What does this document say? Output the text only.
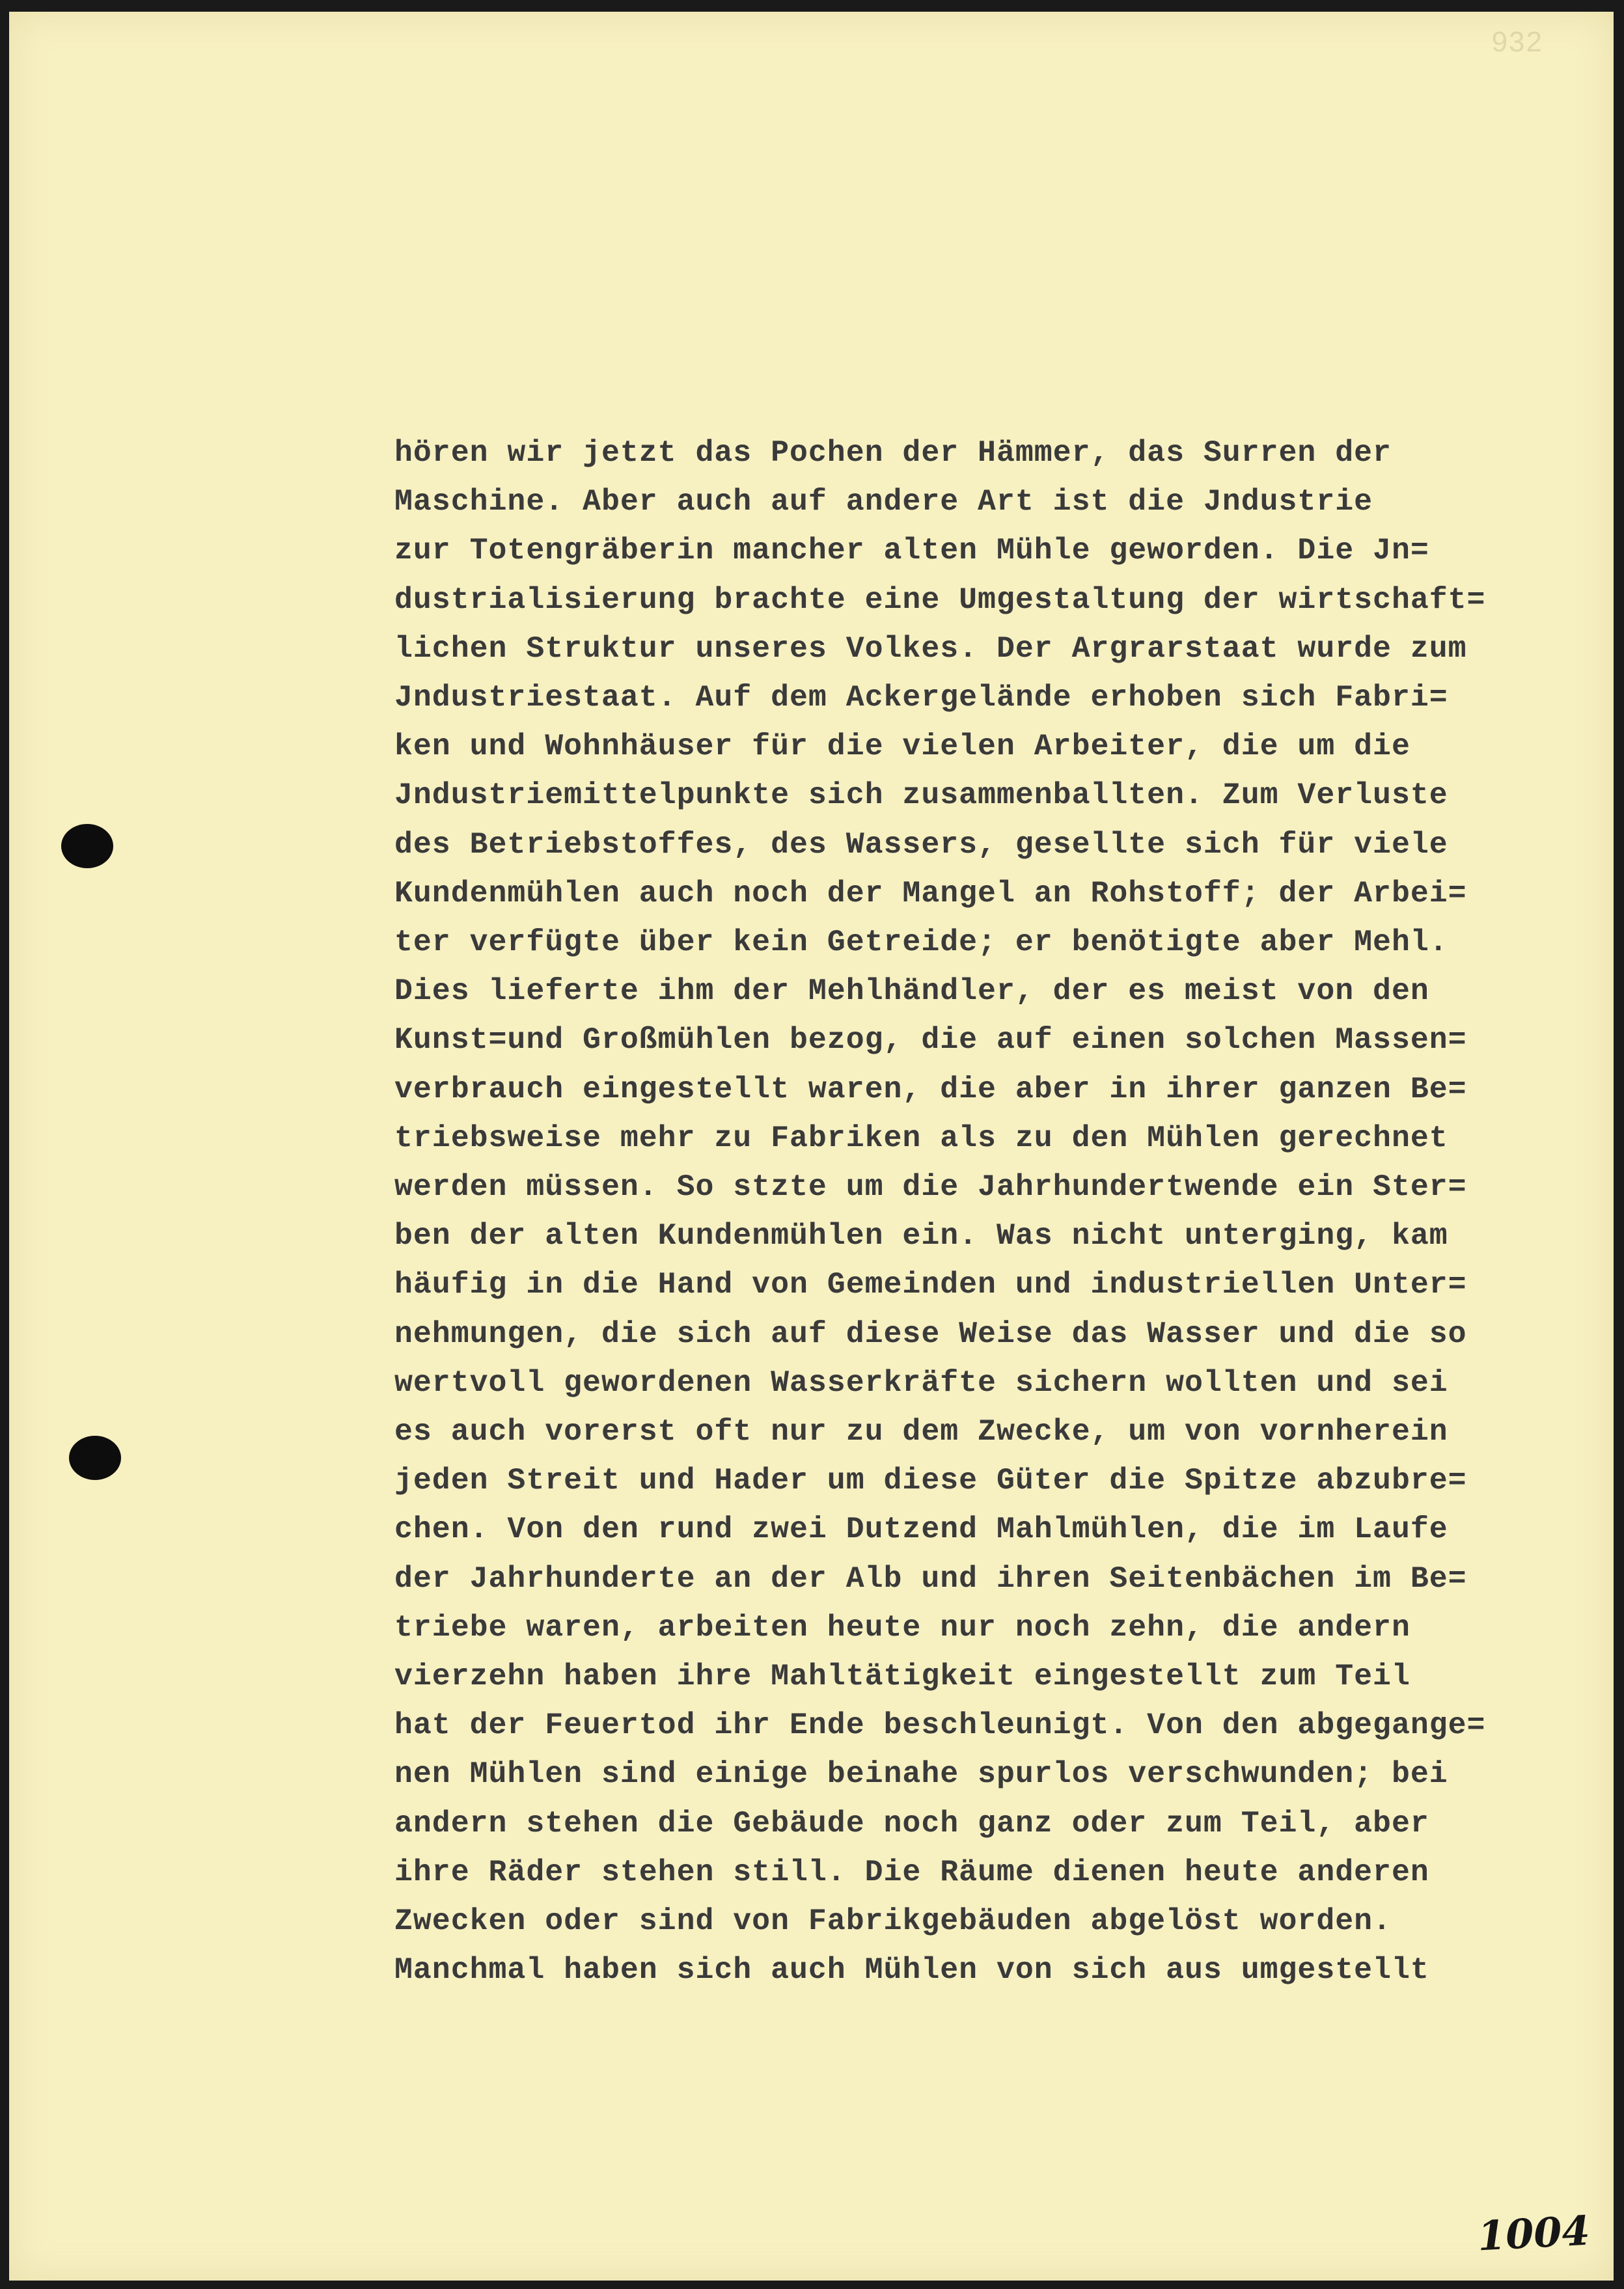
932
hören wir jetzt das Pochen der Hämmer, das Surren der
Maschine. Aber auch auf andere Art ist die Jndustrie
zur Totengräberin mancher alten Mühle geworden. Die Jn=
dustrialisierung brachte eine Umgestaltung der wirtschaft=
lichen Struktur unseres Volkes. Der Argrarstaat wurde zum
Jndustriestaat. Auf dem Ackergelände erhoben sich Fabri=
ken und Wohnhäuser für die vielen Arbeiter, die um die
Jndustriemittelpunkte sich zusammenballten. Zum Verluste
des Betriebstoffes, des Wassers, gesellte sich für viele
Kundenmühlen auch noch der Mangel an Rohstoff; der Arbei=
ter verfügte über kein Getreide; er benötigte aber Mehl.
Dies lieferte ihm der Mehlhändler, der es meist von den
Kunst=und Großmühlen bezog, die auf einen solchen Massen=
verbrauch eingestellt waren, die aber in ihrer ganzen Be=
triebsweise mehr zu Fabriken als zu den Mühlen gerechnet
werden müssen. So stzte um die Jahrhundertwende ein Ster=
ben der alten Kundenmühlen ein. Was nicht unterging, kam
häufig in die Hand von Gemeinden und industriellen Unter=
nehmungen, die sich auf diese Weise das Wasser und die so
wertvoll gewordenen Wasserkräfte sichern wollten und sei
es auch vorerst oft nur zu dem Zwecke, um von vornherein
jeden Streit und Hader um diese Güter die Spitze abzubre=
chen. Von den rund zwei Dutzend Mahlmühlen, die im Laufe
der Jahrhunderte an der Alb und ihren Seitenbächen im Be=
triebe waren, arbeiten heute nur noch zehn, die andern
vierzehn haben ihre Mahltätigkeit eingestellt zum Teil
hat der Feuertod ihr Ende beschleunigt. Von den abgegange=
nen Mühlen sind einige beinahe spurlos verschwunden; bei
andern stehen die Gebäude noch ganz oder zum Teil, aber
ihre Räder stehen still. Die Räume dienen heute anderen
Zwecken oder sind von Fabrikgebäuden abgelöst worden.
Manchmal haben sich auch Mühlen von sich aus umgestellt
1004
